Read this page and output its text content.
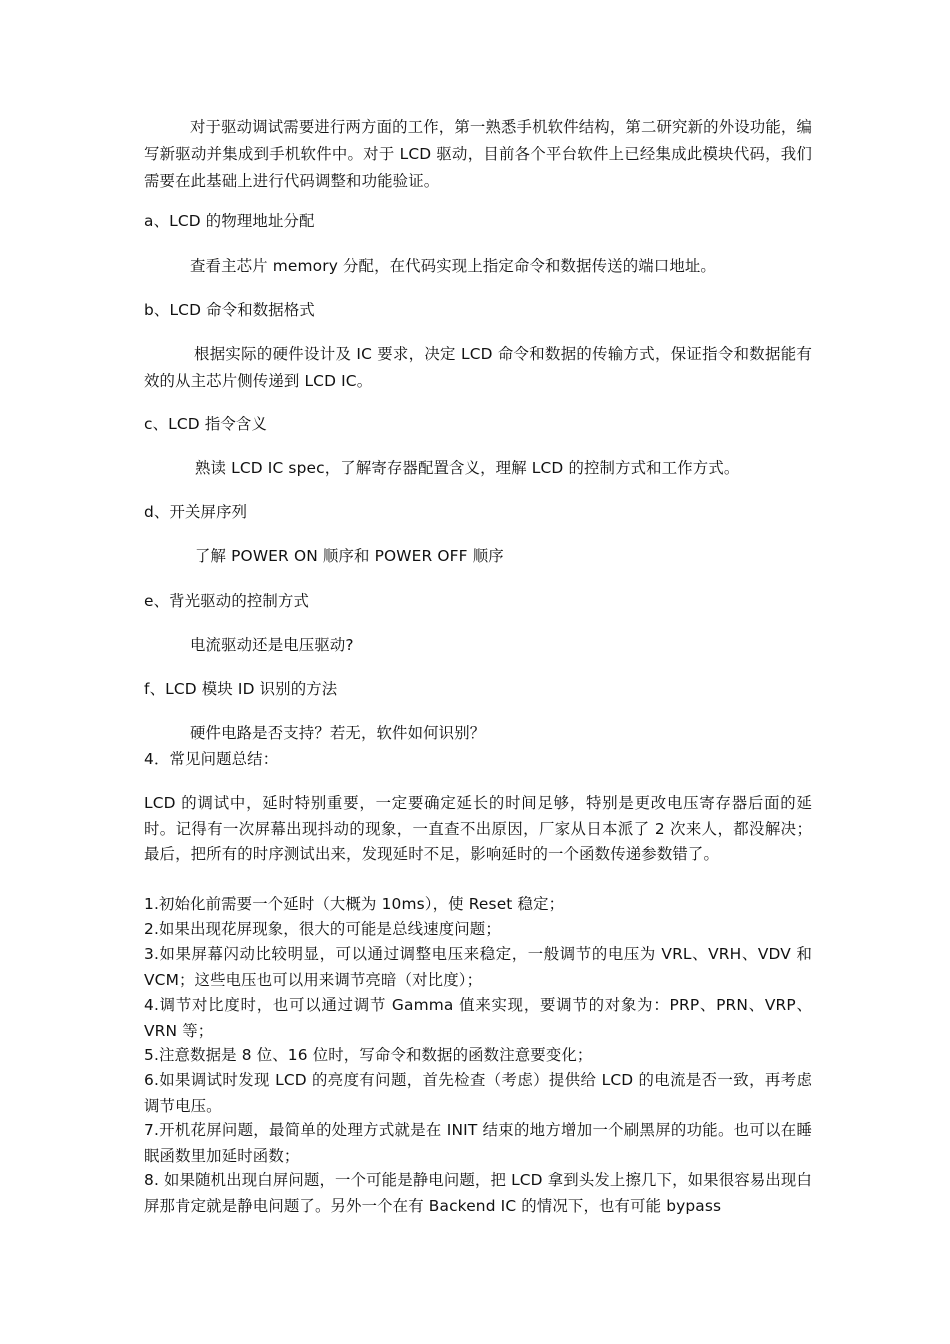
对于驱动调试需要进行两方面的工作，第一熟悉手机软件结构，第二研究新的外设功能，编写新驱动并集成到手机软件中。对于 LCD 驱动，目前各个平台软件上已经集成此模块代码，我们需要在此基础上进行代码调整和功能验证。

a、LCD 的物理地址分配

查看主芯片 memory 分配，在代码实现上指定命令和数据传送的端口地址。

b、LCD 命令和数据格式

根据实际的硬件设计及 IC 要求，决定 LCD 命令和数据的传输方式，保证指令和数据能有效的从主芯片侧传递到 LCD IC。

c、LCD 指令含义

熟读 LCD IC spec，了解寄存器配置含义，理解 LCD 的控制方式和工作方式。

d、开关屏序列

了解 POWER ON 顺序和 POWER OFF 顺序

e、背光驱动的控制方式

电流驱动还是电压驱动?

f、LCD 模块 ID 识别的方法

硬件电路是否支持？若无，软件如何识别？

4．常见问题总结：

LCD 的调试中，延时特别重要，一定要确定延长的时间足够，特别是更改电压寄存器后面的延时。记得有一次屏幕出现抖动的现象，一直查不出原因，厂家从日本派了 2 次来人，都没解决；最后，把所有的时序测试出来，发现延时不足，影响延时的一个函数传递参数错了。

1.初始化前需要一个延时（大概为 10ms），使 Reset 稳定；

2.如果出现花屏现象，很大的可能是总线速度问题；

3.如果屏幕闪动比较明显，可以通过调整电压来稳定，一般调节的电压为 VRL、VRH、VDV 和 VCM；这些电压也可以用来调节亮暗（对比度）；

4.调节对比度时，也可以通过调节 Gamma 值来实现，要调节的对象为：PRP、PRN、VRP、VRN 等；

5.注意数据是 8 位、16 位时，写命令和数据的函数注意要变化；

6.如果调试时发现 LCD 的亮度有问题，首先检查（考虑）提供给 LCD 的电流是否一致，再考虑调节电压。

7.开机花屏问题，最简单的处理方式就是在 INIT 结束的地方增加一个刷黑屏的功能。也可以在睡眠函数里加延时函数；

8. 如果随机出现白屏问题，一个可能是静电问题，把 LCD 拿到头发上擦几下，如果很容易出现白屏那肯定就是静电问题了。另外一个在有 Backend IC 的情况下，也有可能 bypass
